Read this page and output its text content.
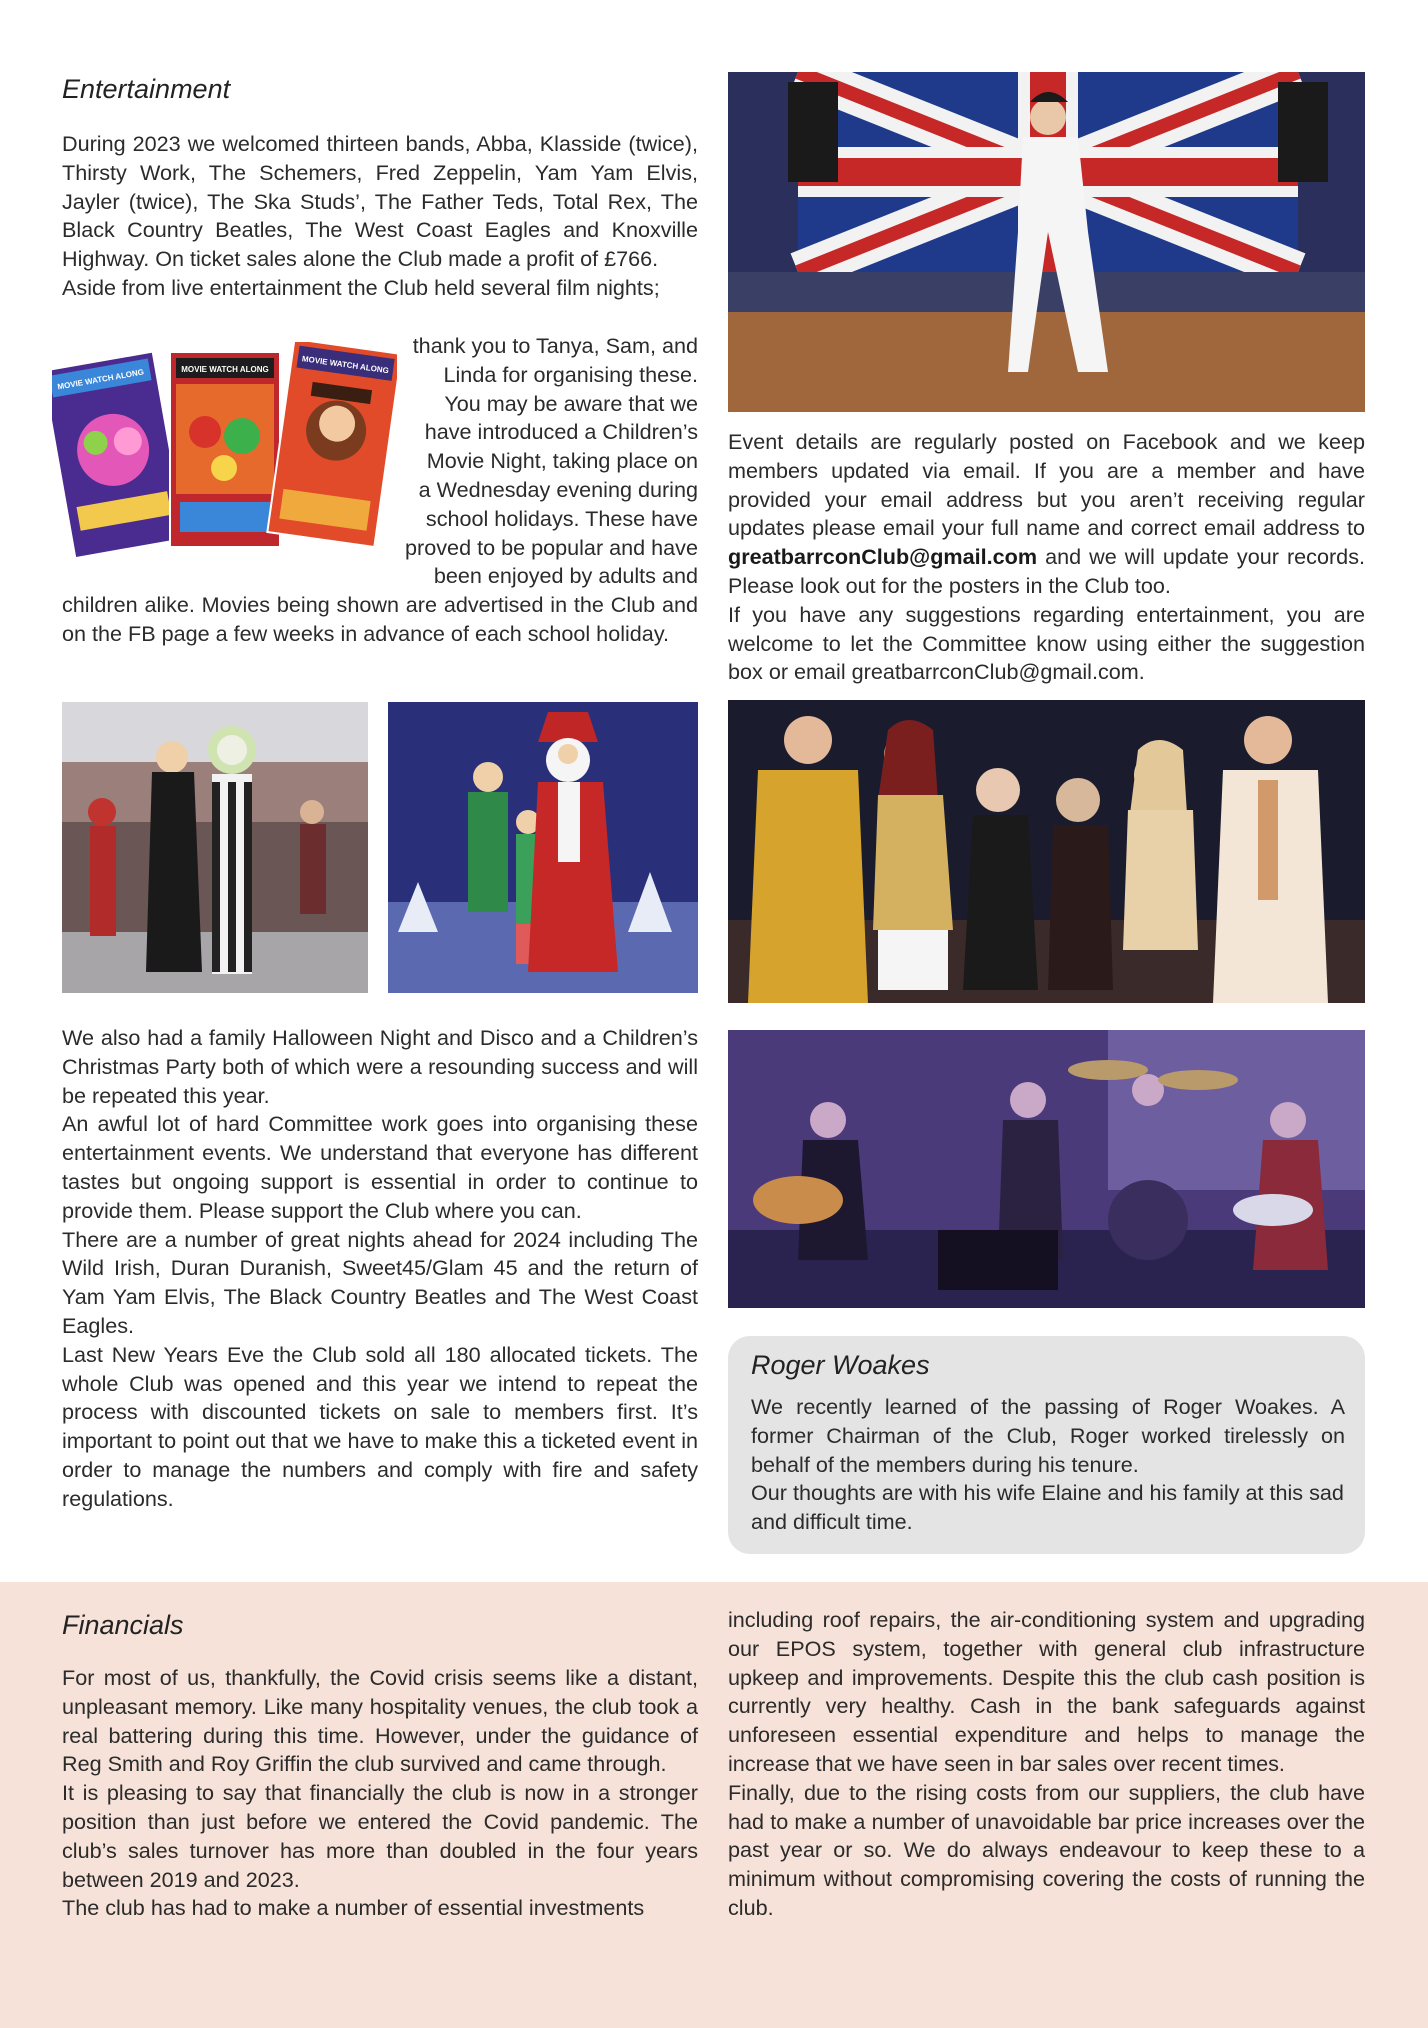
Entertainment

During 2023 we welcomed thirteen bands, Abba, Klasside (twice), Thirsty Work, The Schemers, Fred Zeppelin, Yam Yam Elvis, Jayler (twice), The Ska Studs’, The Father Teds, Total Rex, The Black Country Beatles, The West Coast Eagles and Knoxville Highway. On ticket sales alone the Club made a profit of £766.

Aside from live entertainment the Club held several film nights;

thank you to Tanya, Sam, and

Linda for organising these.

You may be aware that we

have introduced a Children’s

Movie Night, taking place on

a Wednesday evening during

school holidays. These have

proved to be popular and have

been enjoyed by adults and

children alike. Movies being shown are advertised in the Club and on the FB page a few weeks in advance of each school holiday.

MOVIE WATCH ALONG	MOVIE WATCH ALONG	MOVIE WATCH ALONG

We also had a family Halloween Night and Disco and a Children’s Christmas Party both of which were a resounding success and will be repeated this year.

An awful lot of hard Committee work goes into organising these entertainment events. We understand that everyone has different tastes but ongoing support is essential in order to continue to provide them. Please support the Club where you can.

There are a number of great nights ahead for 2024 including The Wild Irish, Duran Duranish, Sweet45/Glam 45 and the return of Yam Yam Elvis, The Black Country Beatles and The West Coast Eagles.

Last New Years Eve the Club sold all 180 allocated tickets. The whole Club was opened and this year we intend to repeat the process with discounted tickets on sale to members first. It’s important to point out that we have to make this a ticketed event in order to manage the numbers and comply with fire and safety regulations.

Event details are regularly posted on Facebook and we keep members updated via email. If you are a member and have provided your email address but you aren’t receiving regular updates please email your full name and correct email address to greatbarrconClub@gmail.com and we will update your records. Please look out for the posters in the Club too.

If you have any suggestions regarding entertainment, you are welcome to let the Committee know using either the suggestion box or email greatbarrconClub@gmail.com.

Roger Woakes

We recently learned of the passing of Roger Woakes. A former Chairman of the Club, Roger worked tirelessly on behalf of the members during his tenure.

Our thoughts are with his wife Elaine and his family at this sad and difficult time.

Financials

For most of us, thankfully, the Covid crisis seems like a distant, unpleasant memory. Like many hospitality venues, the club took a real battering during this time. However, under the guidance of Reg Smith and Roy Griffin the club survived and came through.

It is pleasing to say that financially the club is now in a stronger position than just before we entered the Covid pandemic. The club’s sales turnover has more than doubled in the four years between 2019 and 2023.

The club has had to make a number of essential investments

including roof repairs, the air-conditioning system and upgrading our EPOS system, together with general club infrastructure upkeep and improvements. Despite this the club cash position is currently very healthy. Cash in the bank safeguards against unforeseen essential expenditure and helps to manage the increase that we have seen in bar sales over recent times.

Finally, due to the rising costs from our suppliers, the club have had to make a number of unavoidable bar price increases over the past year or so. We do always endeavour to keep these to a minimum without compromising covering the costs of running the club.
